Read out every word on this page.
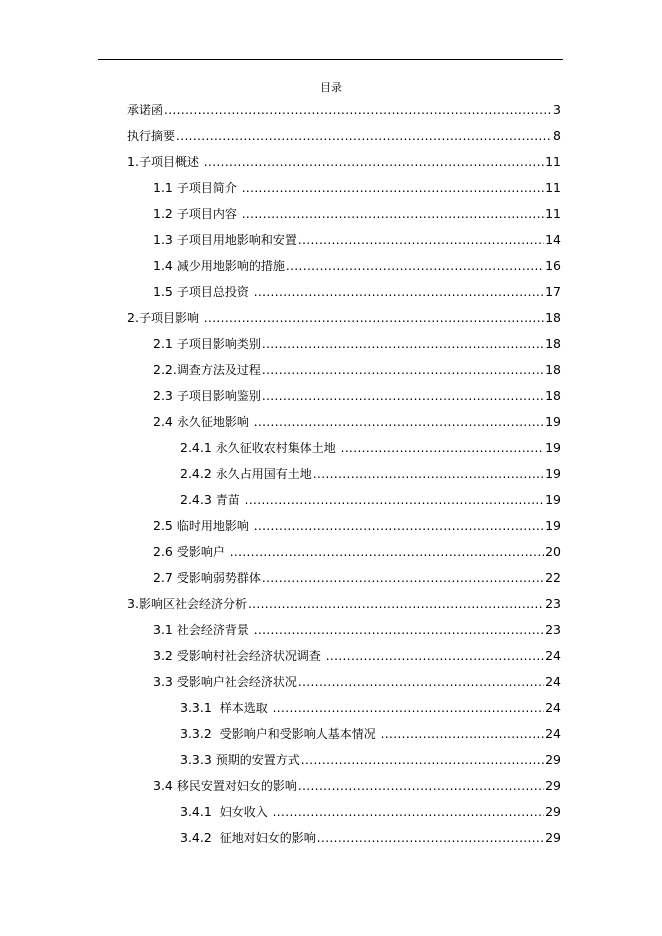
目录
承诺函 .....	3
执行摘要 .....	8
1. 子项目概述 .....	11
1.1 子项目简介 .....	11
1.2 子项目内容 .....	11
1.3 子项目用地影响和安置 .....	14
1.4 减少用地影响的措施 .....	16
1.5 子项目总投资 .....	17
2. 子项目影响 .....	18
2.1 子项目影响类别 .....	18
2.2. 调查方法及过程 .....	18
2.3 子项目影响鉴别 .....	18
2.4 永久征地影响 .....	19
2.4.1 永久征收农村集体土地 .....	19
2.4.2 永久占用国有土地 .....	19
2.4.3 青苗 .....	19
2.5 临时用地影响 .....	19
2.6 受影响户 .....	20
2.7 受影响弱势群体 .....	22
3. 影响区社会经济分析 .....	23
3.1 社会经济背景 .....	23
3.2 受影响村社会经济状况调查 .....	24
3.3 受影响户社会经济状况 .....	24
3.3.1 样本选取 .....	24
3.3.2 受影响户和受影响人基本情况 .....	24
3.3.3 预期的安置方式 .....	29
3.4 移民安置对妇女的影响 .....	29
3.4.1 妇女收入 .....	29
3.4.2 征地对妇女的影响 .....	29
